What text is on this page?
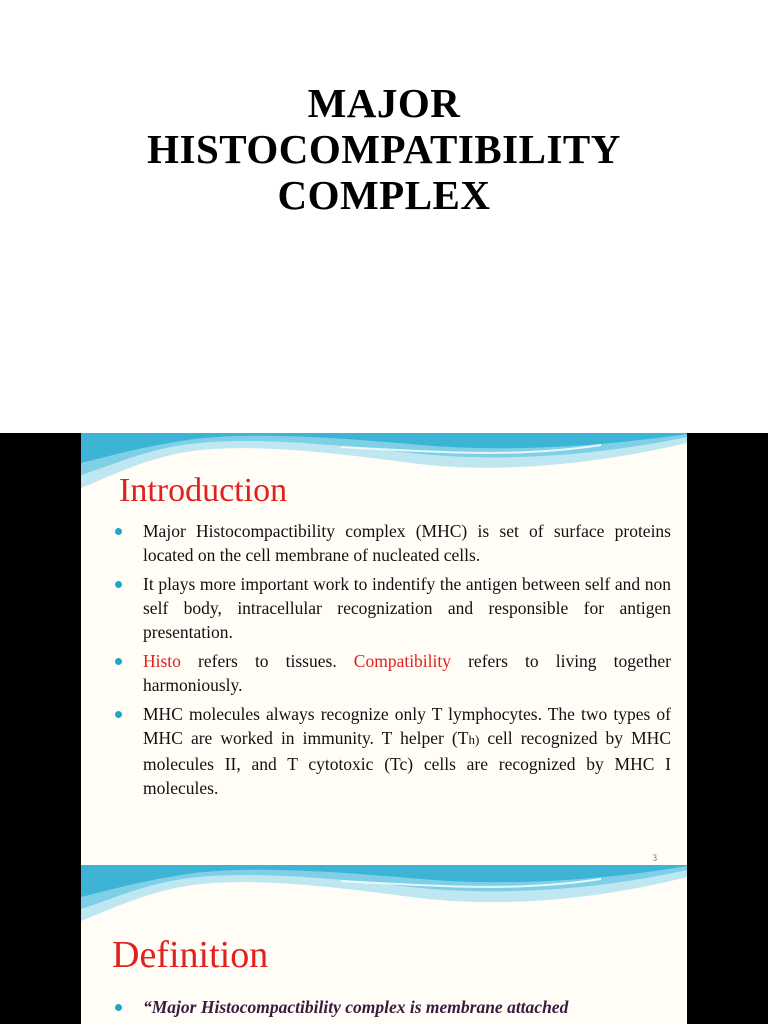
MAJOR
HISTOCOMPATIBILITY
COMPLEX
Introduction
Major Histocompactibility complex (MHC) is set of surface proteins located on the cell membrane of nucleated cells.
It plays more important work to indentify the antigen between self and non self body, intracellular recognization and responsible for antigen presentation.
Histo refers to tissues. Compatibility refers to living together harmoniously.
MHC molecules always recognize only T lymphocytes. The two types of MHC are worked in immunity. T helper (Th) cell recognized by MHC molecules II, and T cytotoxic (Tc) cells are recognized by MHC I molecules.
3
Definition
“Major Histocompactibility complex is membrane attached
